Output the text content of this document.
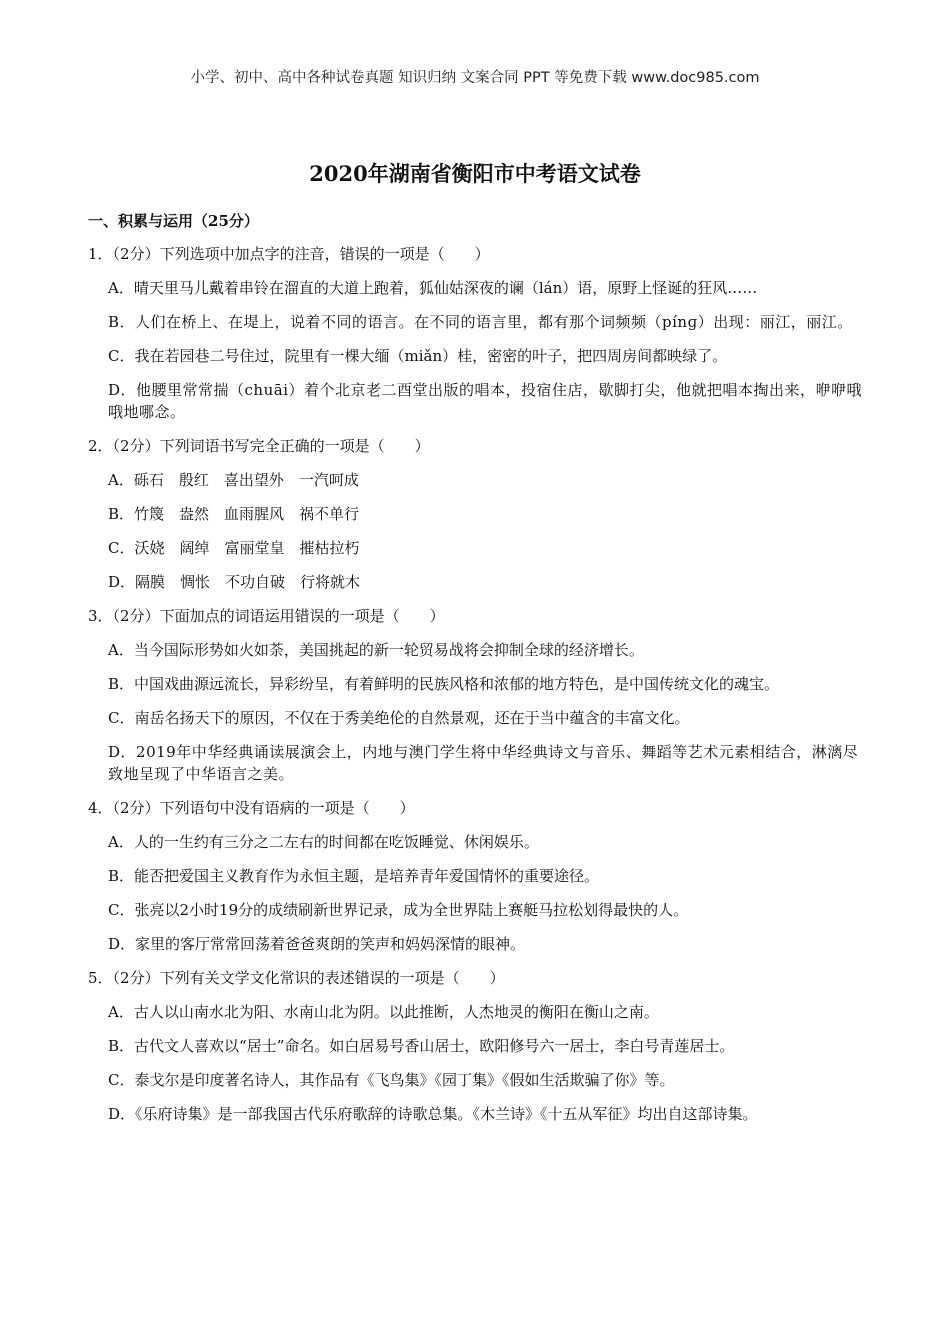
小学、初中、高中各种试卷真题 知识归纳 文案合同 PPT 等免费下载 www.doc985.com
2020年湖南省衡阳市中考语文试卷
一、积累与运用（25分）
1．（2分）下列选项中加点字的注音，错误的一项是（　　）
A．晴天里马儿戴着串铃在溜直的大道上跑着，狐仙姑深夜的谰（lán）语，原野上怪诞的狂风……
B．人们在桥上、在堤上，说着不同的语言。在不同的语言里，都有那个词频频（pínɡ）出现：丽江，丽江。
C．我在若园巷二号住过，院里有一棵大缅（miǎn）桂，密密的叶子，把四周房间都映绿了。
D．他腰里常常揣（chuāi）着个北京老二酉堂出版的唱本，投宿住店，歇脚打尖，他就把唱本掏出来，咿咿哦哦地哪念。
2．（2分）下列词语书写完全正确的一项是（　　）
A．砾石　殷红　喜出望外　一汽呵成
B．竹篾　盎然　血雨腥风　祸不单行
C．沃娆　阔绰　富丽堂皇　摧枯拉朽
D．隔膜　惆怅　不功自破　行将就木
3．（2分）下面加点的词语运用错误的一项是（　　）
A．当今国际形势如火如荼，美国挑起的新一轮贸易战将会抑制全球的经济增长。
B．中国戏曲源远流长，异彩纷呈，有着鲜明的民族风格和浓郁的地方特色，是中国传统文化的魂宝。
C．南岳名扬天下的原因，不仅在于秀美绝伦的自然景观，还在于当中蕴含的丰富文化。
D．2019年中华经典诵读展演会上，内地与澳门学生将中华经典诗文与音乐、舞蹈等艺术元素相结合，淋漓尽致地呈现了中华语言之美。
4．（2分）下列语句中没有语病的一项是（　　）
A．人的一生约有三分之二左右的时间都在吃饭睡觉、休闲娱乐。
B．能否把爱国主义教育作为永恒主题，是培养青年爱国情怀的重要途径。
C．张亮以2小时19分的成绩刷新世界记录，成为全世界陆上赛艇马拉松划得最快的人。
D．家里的客厅常常回荡着爸爸爽朗的笑声和妈妈深情的眼神。
5．（2分）下列有关文学文化常识的表述错误的一项是（　　）
A．古人以山南水北为阳、水南山北为阴。以此推断，人杰地灵的衡阳在衡山之南。
B．古代文人喜欢以“居士”命名。如白居易号香山居士，欧阳修号六一居士，李白号青莲居士。
C．泰戈尔是印度著名诗人，其作品有《飞鸟集》《园丁集》《假如生活欺骗了你》等。
D．《乐府诗集》是一部我国古代乐府歌辞的诗歌总集。《木兰诗》《十五从军征》均出自这部诗集。
